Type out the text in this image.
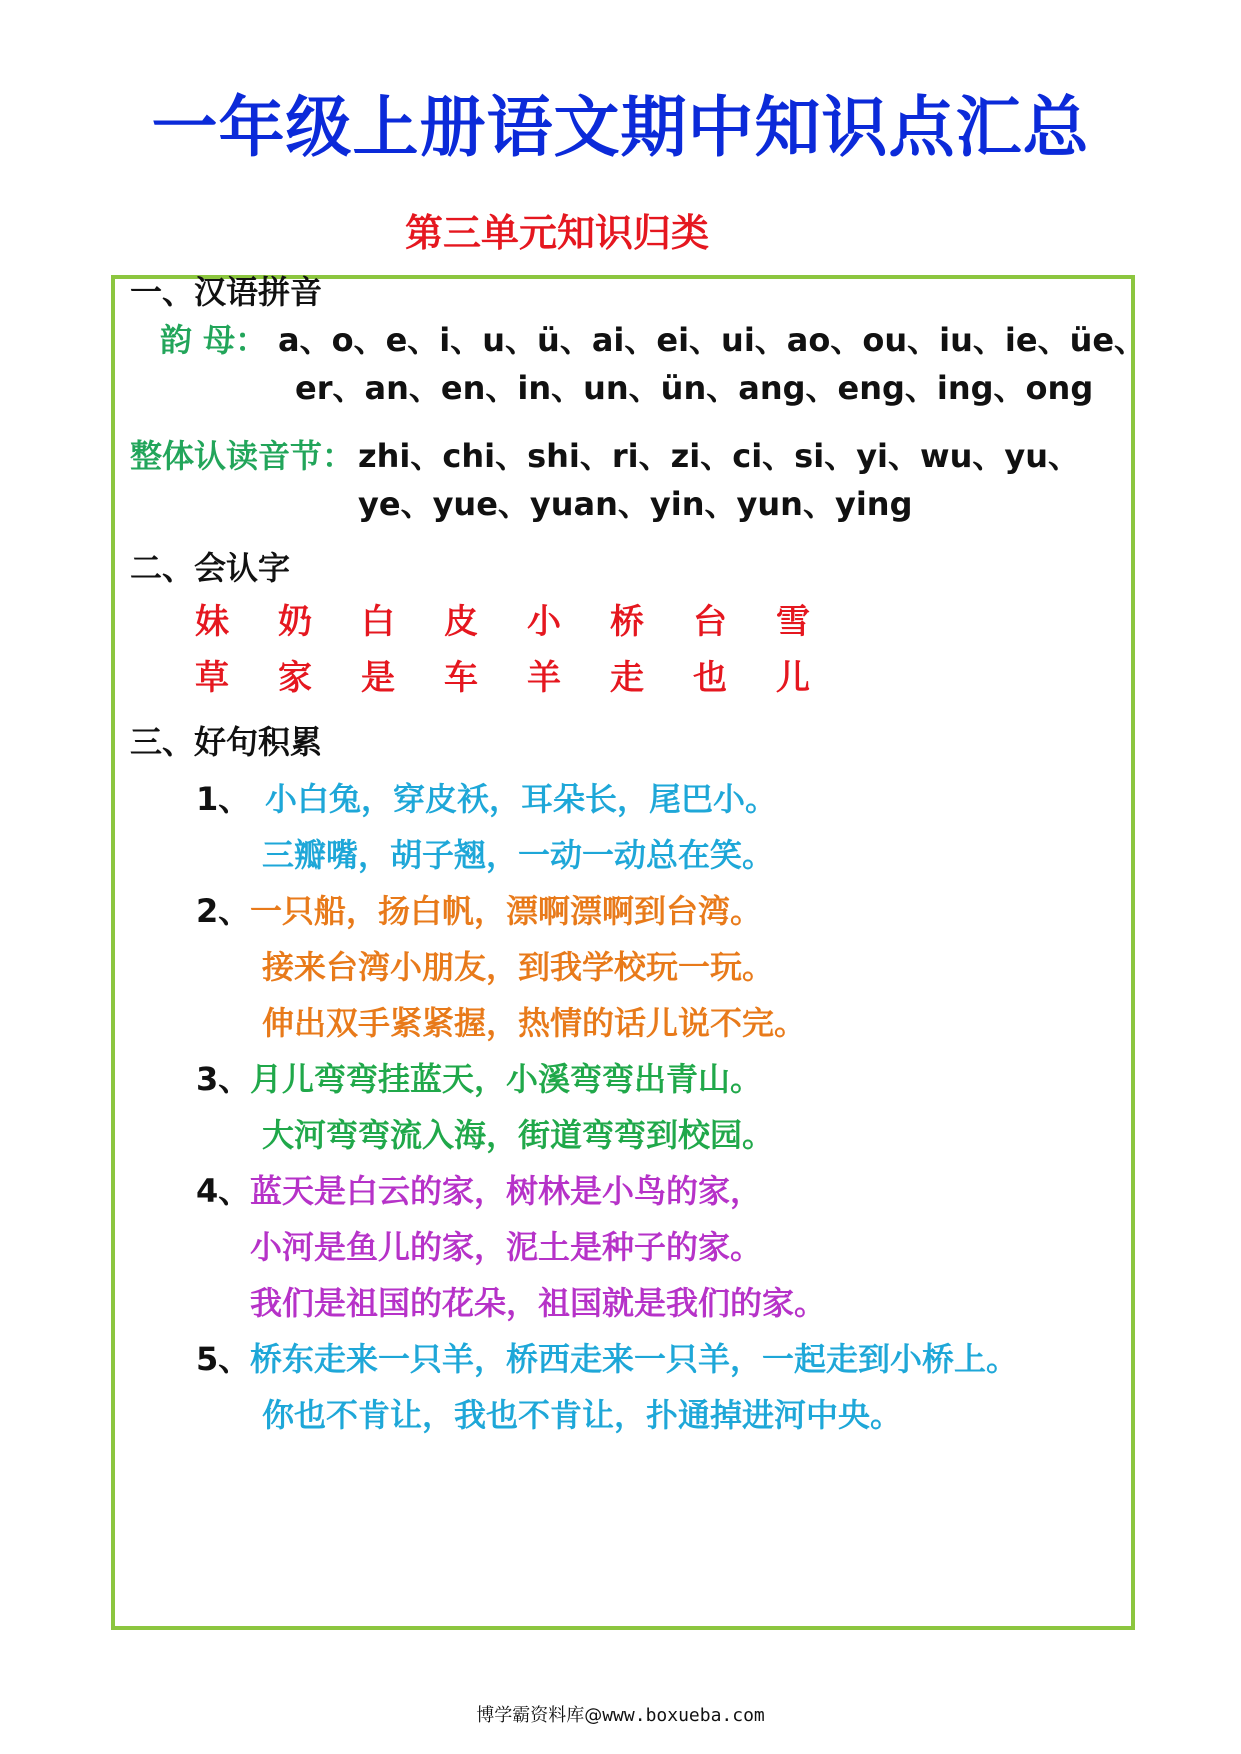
一年级上册语文期中知识点汇总
第三单元知识归类
一、汉语拼音
韵 母： a、o、e、i、u、ü、ai、ei、ui、ao、ou、iu、ie、üe、
er、an、en、in、un、ün、ang、eng、ing、ong
整体认读音节： zhi、chi、shi、ri、zi、ci、si、yi、wu、yu、
ye、yue、yuan、yin、yun、ying
二、会认字
妹	奶	白	皮	小	桥	台	雪
草	家	是	车	羊	走	也	儿
三、好句积累
1、 小白兔，穿皮袄，耳朵长，尾巴小。
三瓣嘴，胡子翘，一动一动总在笑。
2、 一只船，扬白帆，漂啊漂啊到台湾。
接来台湾小朋友，到我学校玩一玩。
伸出双手紧紧握，热情的话儿说不完。
3、 月儿弯弯挂蓝天，小溪弯弯出青山。
大河弯弯流入海，街道弯弯到校园。
4、 蓝天是白云的家，树林是小鸟的家，
小河是鱼儿的家，泥土是种子的家。
我们是祖国的花朵，祖国就是我们的家。
5、 桥东走来一只羊，桥西走来一只羊，一起走到小桥上。
你也不肯让，我也不肯让，扑通掉进河中央。
博学霸资料库@www.boxueba.com
